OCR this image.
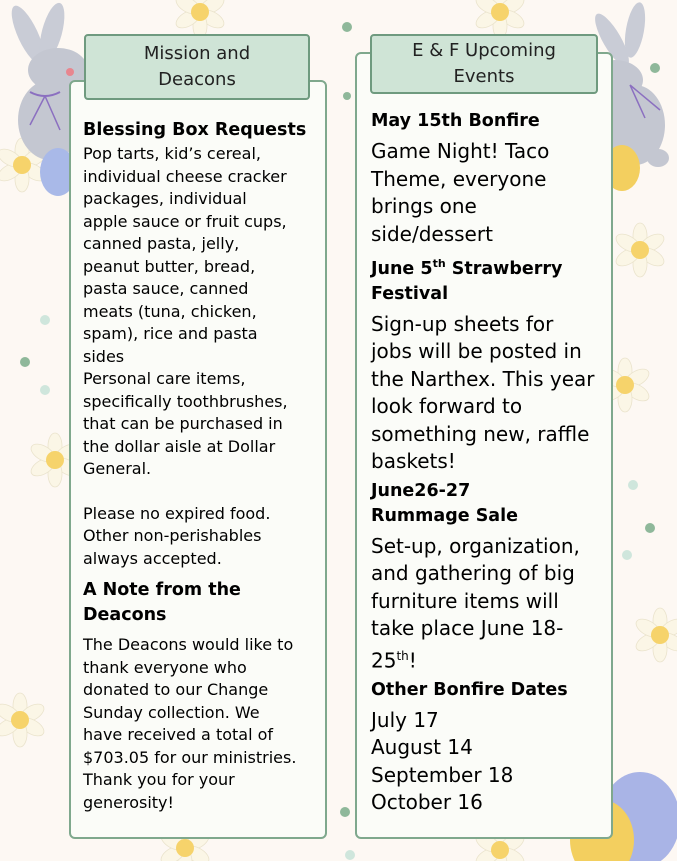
Mission and
Deacons

Blessing Box Requests

Pop tarts, kid’s cereal,

individual cheese cracker

packages, individual

apple sauce or fruit cups,

canned pasta, jelly,

peanut butter, bread,

pasta sauce, canned

meats (tuna, chicken,

spam), rice and pasta

sides

Personal care items,

specifically toothbrushes,

that can be purchased in

the dollar aisle at Dollar

General.

Please no expired food.

Other non-perishables

always accepted.

A Note from the

Deacons

The Deacons would like to

thank everyone who

donated to our Change

Sunday collection. We

have received a total of

$703.05 for our ministries.

Thank you for your

generosity!

E & F Upcoming
Events

May 15th Bonfire

Game Night! Taco

Theme, everyone

brings one

side/dessert

June 5th Strawberry

Festival

Sign-up sheets for

jobs will be posted in

the Narthex. This year

look forward to

something new, raffle

baskets!

June26-27

Rummage Sale

Set-up, organization,

and gathering of big

furniture items will

take place June 18-

25th!

Other Bonfire Dates

July 17

August 14

September 18

October 16
